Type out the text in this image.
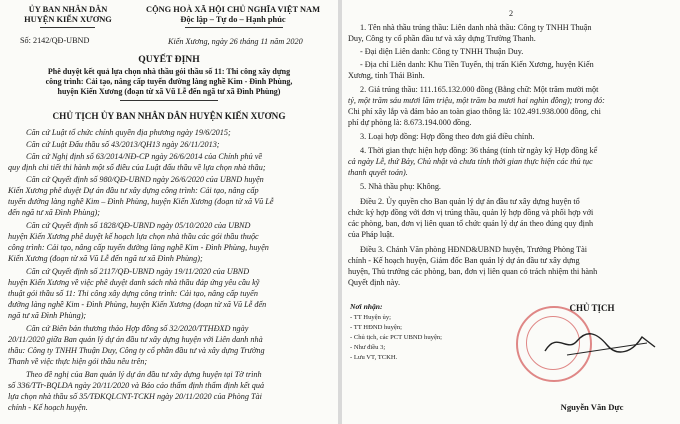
ỦY BAN NHÂN DÂN
HUYỆN KIẾN XƯƠNG
Số: 2142/QĐ-UBND
CỘNG HOÀ XÃ HỘI CHỦ NGHĨA VIỆT NAM
Độc lập – Tự do – Hạnh phúc
Kiến Xương, ngày 26 tháng 11 năm 2020
QUYẾT ĐỊNH
Phê duyệt kết quả lựa chọn nhà thầu gói thầu số 11: Thi công xây dựng
công trình: Cải tạo, nâng cấp tuyến đường làng nghề Kim - Đình Phùng,
huyện Kiến Xương (đoạn từ xã Vũ Lễ đến ngã tư xã Đình Phùng)
CHỦ TỊCH ỦY BAN NHÂN DÂN HUYỆN KIẾN XƯƠNG
Căn cứ Luật tổ chức chính quyền địa phương ngày 19/6/2015;
Căn cứ Luật Đấu thầu số 43/2013/QH13 ngày 26/11/2013;
Căn cứ Nghị định số 63/2014/NĐ-CP ngày 26/6/2014 của Chính phủ về
quy định chi tiết thi hành một số điều của Luật đấu thầu về lựa chọn nhà thầu;
Căn cứ Quyết định số 980/QĐ-UBND ngày 26/6/2020 của UBND huyện
Kiến Xương phê duyệt Dự án đầu tư xây dựng công trình: Cải tạo, nâng cấp
tuyến đường làng nghề Kim – Đình Phùng, huyện Kiến Xương (đoạn từ xã Vũ Lễ
đến ngã tư xã Đình Phùng);
Căn cứ Quyết định số 1828/QĐ-UBND ngày 05/10/2020 của UBND
huyện Kiến Xương phê duyệt kế hoạch lựa chọn nhà thầu các gói thầu thuộc
công trình: Cải tạo, nâng cấp tuyến đường làng nghề Kim - Đình Phùng, huyện
Kiến Xương (đoạn từ xã Vũ Lễ đến ngã tư xã Đình Phùng);
Căn cứ Quyết định số 2117/QĐ-UBND ngày 19/11/2020 của UBND
huyện Kiến Xương về việc phê duyệt danh sách nhà thầu đáp ứng yêu cầu kỹ
thuật gói thầu số 11: Thi công xây dựng công trình: Cải tạo, nâng cấp tuyến
đường làng nghề Kim - Đình Phùng, huyện Kiến Xương (đoạn từ xã Vũ Lễ đến
ngã tư xã Đình Phùng);
Căn cứ Biên bản thương thảo Hợp đồng số 32/2020/TTHĐXD ngày
20/11/2020 giữa Ban quản lý dự án đầu tư xây dựng huyện với Liên danh nhà
thầu: Công ty TNHH Thuận Duy, Công ty cổ phần đầu tư và xây dựng Trường
Thanh về việc thực hiện gói thầu nêu trên;
Theo đề nghị của Ban quản lý dự án đầu tư xây dựng huyện tại Tờ trình
số 336/TTr-BQLDA ngày 20/11/2020 và Báo cáo thẩm định thẩm định kết quả
lựa chọn nhà thầu số 35/TĐKQLCNT-TCKH ngày 20/11/2020 của Phòng Tài
chính - Kế hoạch huyện.
2
1. Tên nhà thầu trúng thầu: Liên danh nhà thầu: Công ty TNHH Thuận
Duy, Công ty cổ phần đầu tư và xây dựng Trường Thanh.
- Đại diện Liên danh: Công ty TNHH Thuận Duy.
- Địa chỉ Liên danh: Khu Tiền Tuyến, thị trấn Kiến Xương, huyện Kiến
Xương, tỉnh Thái Bình.
2. Giá trúng thầu: 111.165.132.000 đồng (Bằng chữ: Một trăm mười một
tỷ, một trăm sáu mươi lăm triệu, một trăm ba mươi hai nghìn đồng); trong đó:
Chi phí xây lắp và đảm bảo an toàn giao thông là: 102.491.938.000 đồng, chi
phí dự phòng là: 8.673.194.000 đồng.
3. Loại hợp đồng: Hợp đồng theo đơn giá điều chỉnh.
4. Thời gian thực hiện hợp đồng: 36 tháng (tính từ ngày ký Hợp đồng kể
cả ngày Lễ, thứ Bảy, Chủ nhật và chưa tính thời gian thực hiện các thủ tục
thanh quyết toán).
5. Nhà thầu phụ: Không.
Điều 2. Ủy quyền cho Ban quản lý dự án đầu tư xây dựng huyện tổ
chức ký hợp đồng với đơn vị trúng thầu, quản lý hợp đồng và phối hợp với
các phòng, ban, đơn vị liên quan tổ chức quản lý dự án theo đúng quy định
của Pháp luật.
Điều 3. Chánh Văn phòng HĐND&UBND huyện, Trưởng Phòng Tài
chính - Kế hoạch huyện, Giám đốc Ban quản lý dự án đầu tư xây dựng
huyện, Thủ trưởng các phòng, ban, đơn vị liên quan có trách nhiệm thi hành
Quyết định này.
Nơi nhận:
- TT Huyện ủy;
- TT HĐND huyện;
- Chủ tịch, các PCT UBND huyện;
- Như điều 3;
- Lưu VT, TCKH.
CHỦ TỊCH
Nguyễn Văn Dực
